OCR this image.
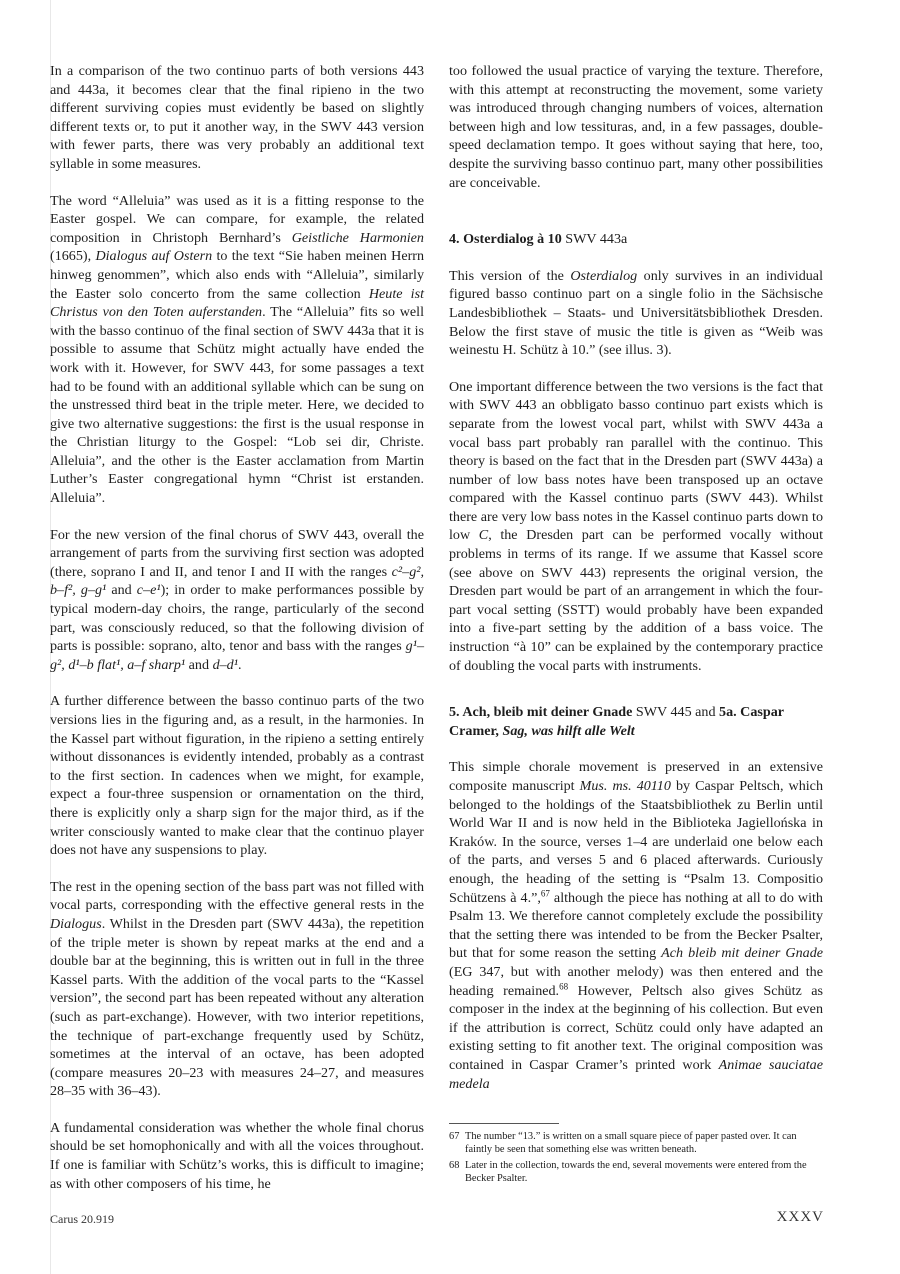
In a comparison of the two continuo parts of both versions 443 and 443a, it becomes clear that the final ripieno in the two different surviving copies must evidently be based on slightly different texts or, to put it another way, in the SWV 443 version with fewer parts, there was very probably an additional text syllable in some measures.

The word “Alleluia” was used as it is a fitting response to the Easter gospel. We can compare, for example, the related composition in Christoph Bernhard’s Geistliche Harmonien (1665), Dialogus auf Ostern to the text “Sie haben meinen Herrn hinweg genommen”, which also ends with “Alleluia”, similarly the Easter solo concerto from the same collection Heute ist Christus von den Toten auferstanden. The “Alleluia” fits so well with the basso continuo of the final section of SWV 443a that it is possible to assume that Schütz might actually have ended the work with it. However, for SWV 443, for some passages a text had to be found with an additional syllable which can be sung on the unstressed third beat in the triple meter. Here, we decided to give two alternative suggestions: the first is the usual response in the Christian liturgy to the Gospel: “Lob sei dir, Christe. Alleluia”, and the other is the Easter acclamation from Martin Luther’s Easter congregational hymn “Christ ist erstanden. Alleluia”.

For the new version of the final chorus of SWV 443, overall the arrangement of parts from the surviving first section was adopted (there, soprano I and II, and tenor I and II with the ranges c²–g², b–f², g–g¹ and c–e¹); in order to make performances possible by typical modern-day choirs, the range, particularly of the second part, was consciously reduced, so that the following division of parts is possible: soprano, alto, tenor and bass with the ranges g¹–g², d¹–b flat¹, a–f sharp¹ and d–d¹.

A further difference between the basso continuo parts of the two versions lies in the figuring and, as a result, in the harmonies. In the Kassel part without figuration, in the ripieno a setting entirely without dissonances is evidently intended, probably as a contrast to the first section. In cadences when we might, for example, expect a four-three suspension or ornamentation on the third, there is explicitly only a sharp sign for the major third, as if the writer consciously wanted to make clear that the continuo player does not have any suspensions to play.

The rest in the opening section of the bass part was not filled with vocal parts, corresponding with the effective general rests in the Dialogus. Whilst in the Dresden part (SWV 443a), the repetition of the triple meter is shown by repeat marks at the end and a double bar at the beginning, this is written out in full in the three Kassel parts. With the addition of the vocal parts to the “Kassel version”, the second part has been repeated without any alteration (such as part-exchange). However, with two interior repetitions, the technique of part-exchange frequently used by Schütz, sometimes at the interval of an octave, has been adopted (compare measures 20–23 with measures 24–27, and measures 28–35 with 36–43).

A fundamental consideration was whether the whole final chorus should be set homophonically and with all the voices throughout. If one is familiar with Schütz’s works, this is difficult to imagine; as with other composers of his time, he

too followed the usual practice of varying the texture. Therefore, with this attempt at reconstructing the movement, some variety was introduced through changing numbers of voices, alternation between high and low tessituras, and, in a few passages, double-speed declamation tempo. It goes without saying that here, too, despite the surviving basso continuo part, many other possibilities are conceivable.

4. Osterdialog à 10 SWV 443a

This version of the Osterdialog only survives in an individual figured basso continuo part on a single folio in the Sächsische Landesbibliothek – Staats- und Universitätsbibliothek Dresden. Below the first stave of music the title is given as “Weib was weinestu H. Schütz à 10.” (see illus. 3).

One important difference between the two versions is the fact that with SWV 443 an obbligato basso continuo part exists which is separate from the lowest vocal part, whilst with SWV 443a a vocal bass part probably ran parallel with the continuo. This theory is based on the fact that in the Dresden part (SWV 443a) a number of low bass notes have been transposed up an octave compared with the Kassel continuo parts (SWV 443). Whilst there are very low bass notes in the Kassel continuo parts down to low C, the Dresden part can be performed vocally without problems in terms of its range. If we assume that Kassel score (see above on SWV 443) represents the original version, the Dresden part would be part of an arrangement in which the four-part vocal setting (SSTT) would probably have been expanded into a five-part setting by the addition of a bass voice. The instruction “à 10” can be explained by the contemporary practice of doubling the vocal parts with instruments.

5. Ach, bleib mit deiner Gnade SWV 445 and 5a. Caspar Cramer, Sag, was hilft alle Welt

This simple chorale movement is preserved in an extensive composite manuscript Mus. ms. 40110 by Caspar Peltsch, which belonged to the holdings of the Staatsbibliothek zu Berlin until World War II and is now held in the Biblioteka Jagiellońska in Kraków. In the source, verses 1–4 are underlaid one below each of the parts, and verses 5 and 6 placed afterwards. Curiously enough, the heading of the setting is “Psalm 13. Compositio Schützens à 4.”,$^{67}$ although the piece has nothing at all to do with Psalm 13. We therefore cannot completely exclude the possibility that the setting there was intended to be from the Becker Psalter, but that for some reason the setting Ach bleib mit deiner Gnade (EG 347, but with another melody) was then entered and the heading remained.$^{68}$ However, Peltsch also gives Schütz as composer in the index at the beginning of his collection. But even if the attribution is correct, Schütz could only have adapted an existing setting to fit another text. The original composition was contained in Caspar Cramer’s printed work Animae sauciatae medela

67 The number “13.” is written on a small square piece of paper pasted over. It can faintly be seen that something else was written beneath.
68 Later in the collection, towards the end, several movements were entered from the Becker Psalter.
Carus 20.919	XXXV
